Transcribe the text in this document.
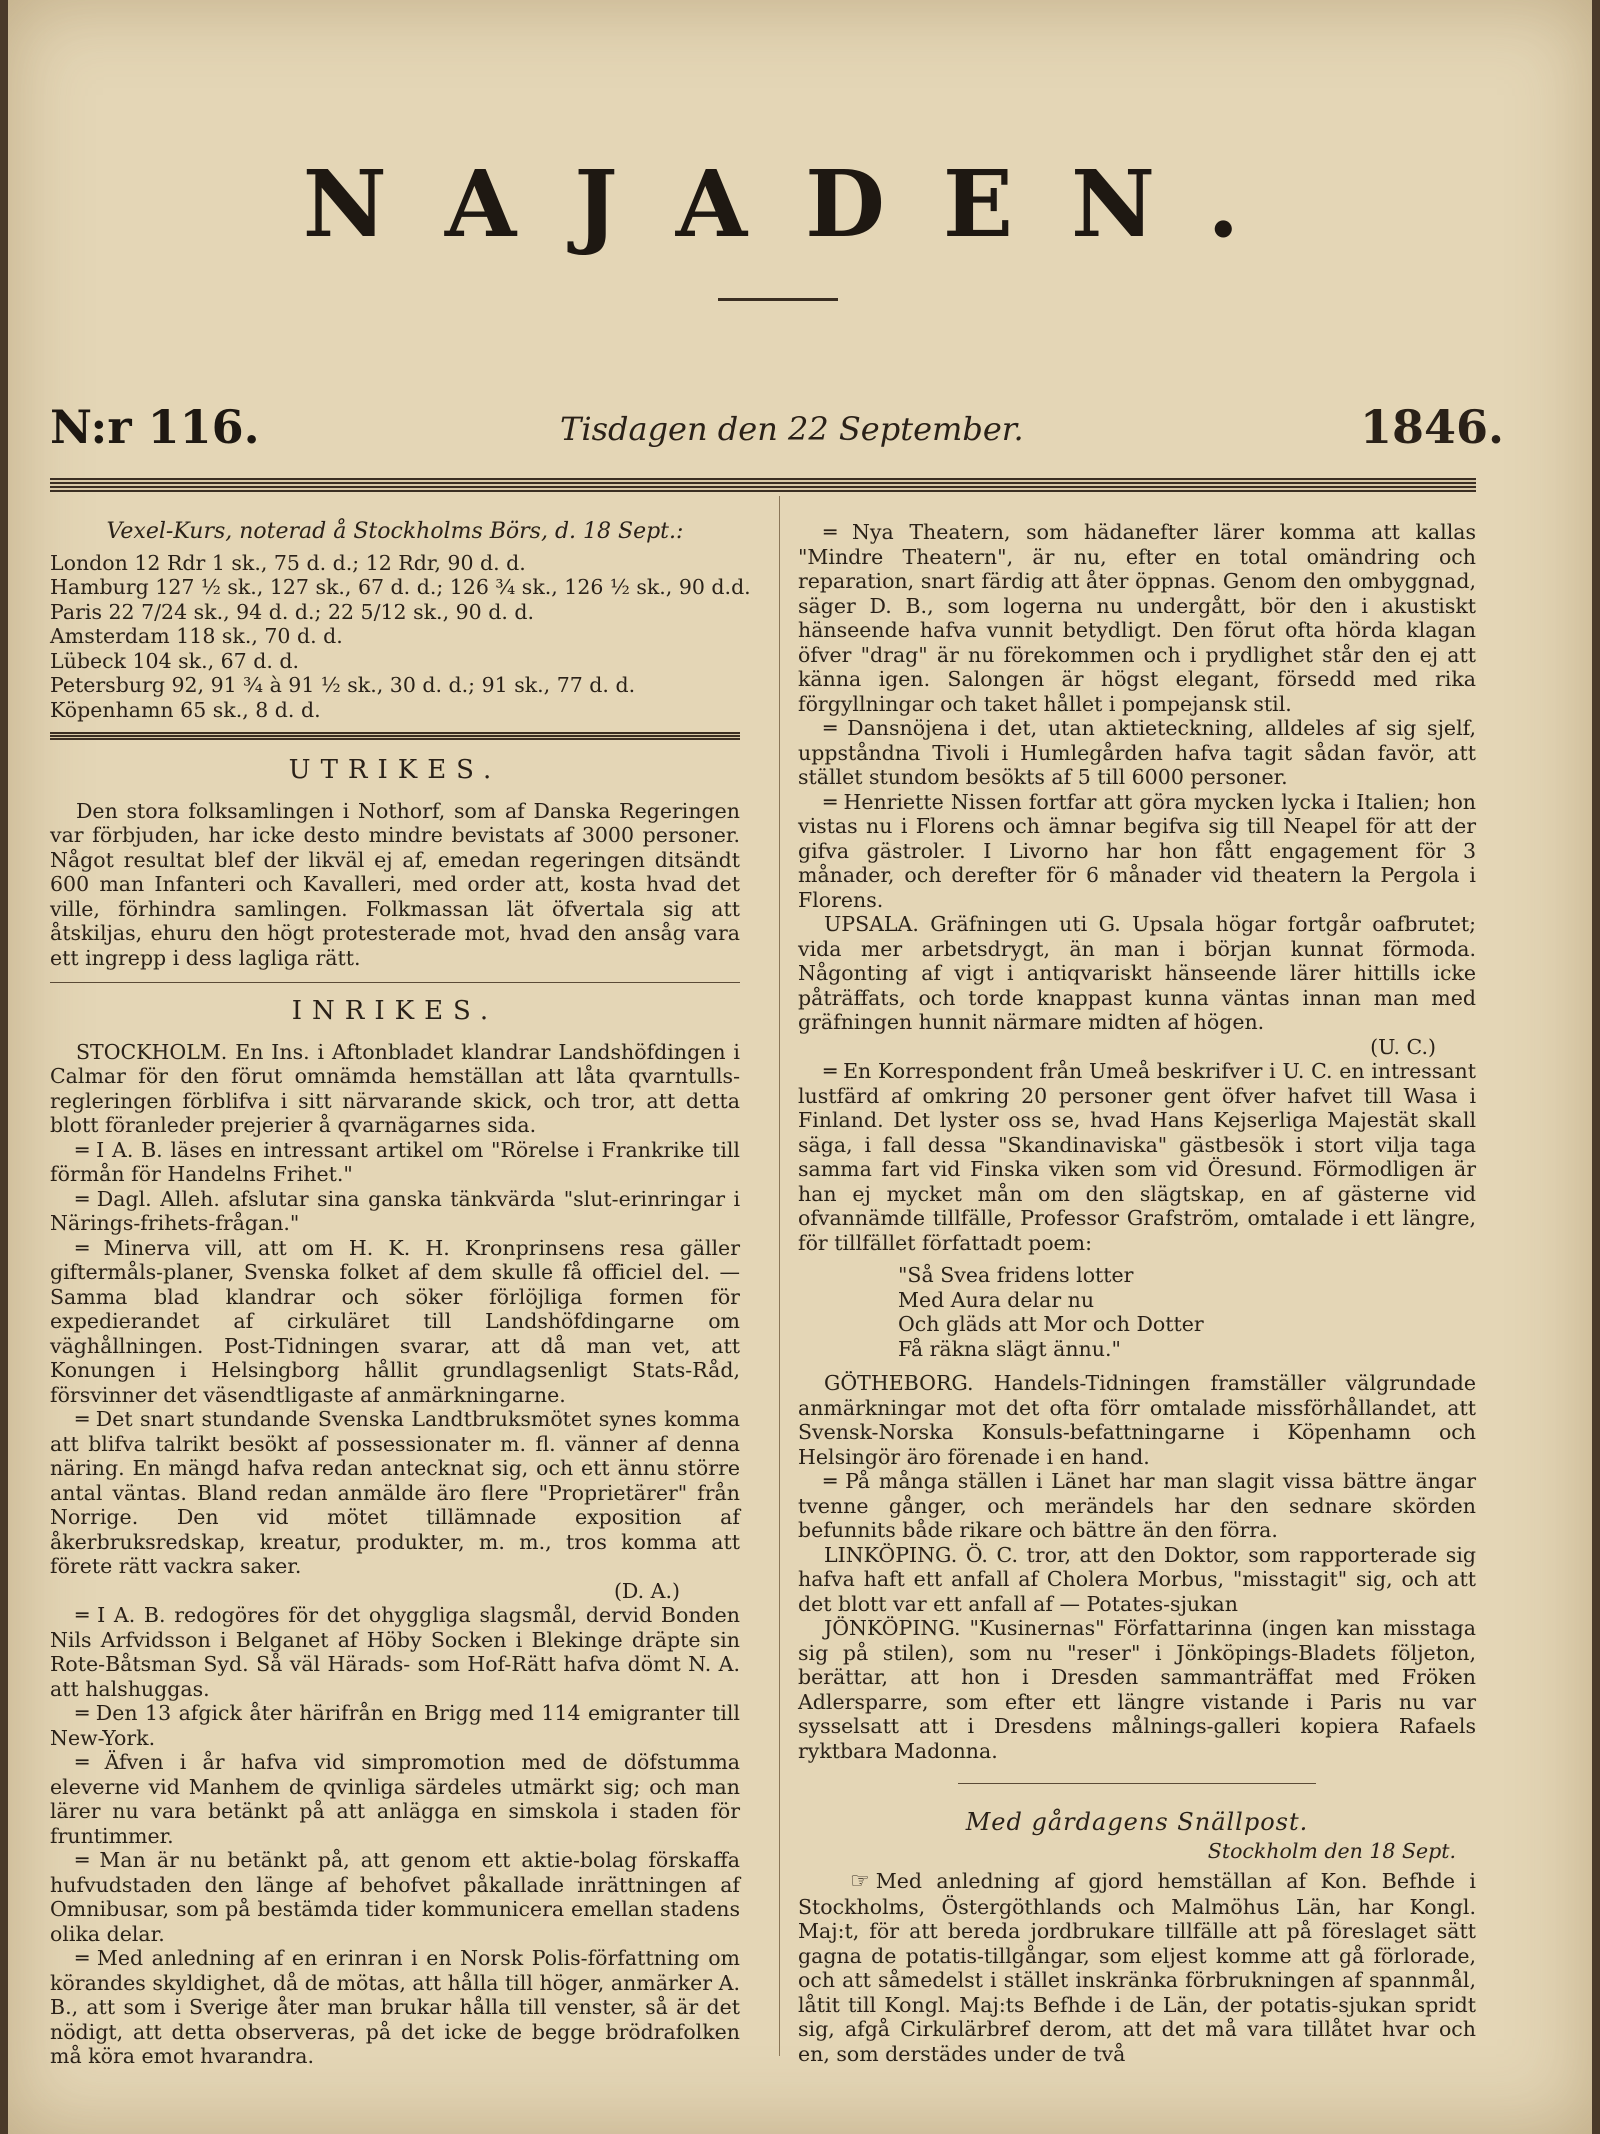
NAJADEN.
N:r 116.	Tisdagen den 22 September.	1846.
Vexel-Kurs, noterad å Stockholms Börs, d. 18 Sept.:
London 12 Rdr 1 sk., 75 d. d.; 12 Rdr, 90 d. d.
Hamburg 127 ½ sk., 127 sk., 67 d. d.; 126 ¾ sk., 126 ½ sk., 90 d.d.
Paris 22 7/24 sk., 94 d. d.; 22 5/12 sk., 90 d. d.
Amsterdam 118 sk., 70 d. d.
Lübeck 104 sk., 67 d. d.
Petersburg 92, 91 ¾ à 91 ½ sk., 30 d. d.; 91 sk., 77 d. d.
Köpenhamn 65 sk., 8 d. d.
UTRIKES.

Den stora folksamlingen i Nothorf, som af Danska Regeringen var förbjuden, har icke desto mindre bevistats af 3000 personer. Något resultat blef der likväl ej af, emedan regeringen ditsändt 600 man Infanteri och Kavalleri, med order att, kosta hvad det ville, förhindra samlingen. Folkmassan lät öfvertala sig att åtskiljas, ehuru den högt protesterade mot, hvad den ansåg vara ett ingrepp i dess lagliga rätt.

INRIKES.

STOCKHOLM. En Ins. i Aftonbladet klandrar Landshöfdingen i Calmar för den förut omnämda hemställan att låta qvarntulls-regleringen förblifva i sitt närvarande skick, och tror, att detta blott föranleder prejerier å qvarnägarnes sida.

═ I A. B. läses en intressant artikel om "Rörelse i Frankrike till förmån för Handelns Frihet."

═ Dagl. Alleh. afslutar sina ganska tänkvärda "slut-erinringar i Närings-frihets-frågan."

═ Minerva vill, att om H. K. H. Kronprinsens resa gäller giftermåls-planer, Svenska folket af dem skulle få officiel del. — Samma blad klandrar och söker förlöjliga formen för expedierandet af cirkuläret till Landshöfdingarne om väghållningen. Post-Tidningen svarar, att då man vet, att Konungen i Helsingborg hållit grundlagsenligt Stats-Råd, försvinner det väsendtligaste af anmärkningarne.

═ Det snart stundande Svenska Landtbruksmötet synes komma att blifva talrikt besökt af possessionater m. fl. vänner af denna näring. En mängd hafva redan antecknat sig, och ett ännu större antal väntas. Bland redan anmälde äro flere "Proprietärer" från Norrige. Den vid mötet tillämnade exposition af åkerbruksredskap, kreatur, produkter, m. m., tros komma att förete rätt vackra saker.

(D. A.)

═ I A. B. redogöres för det ohyggliga slagsmål, dervid Bonden Nils Arfvidsson i Belganet af Höby Socken i Blekinge dräpte sin Rote-Båtsman Syd. Så väl Härads- som Hof-Rätt hafva dömt N. A. att halshuggas.

═ Den 13 afgick åter härifrån en Brigg med 114 emigranter till New-York.

═ Äfven i år hafva vid simpromotion med de döfstumma eleverne vid Manhem de qvinliga särdeles utmärkt sig; och man lärer nu vara betänkt på att anlägga en simskola i staden för fruntimmer.

═ Man är nu betänkt på, att genom ett aktie-bolag förskaffa hufvudstaden den länge af behofvet påkallade inrättningen af Omnibusar, som på bestämda tider kommunicera emellan stadens olika delar.

═ Med anledning af en erinran i en Norsk Polis-författning om körandes skyldighet, då de mötas, att hålla till höger, anmärker A. B., att som i Sverige åter man brukar hålla till venster, så är det nödigt, att detta observeras, på det icke de begge brödrafolken må köra emot hvarandra.

═ Nya Theatern, som hädanefter lärer komma att kallas "Mindre Theatern", är nu, efter en total omändring och reparation, snart färdig att åter öppnas. Genom den ombyggnad, säger D. B., som logerna nu undergått, bör den i akustiskt hänseende hafva vunnit betydligt. Den förut ofta hörda klagan öfver "drag" är nu förekommen och i prydlighet står den ej att känna igen. Salongen är högst elegant, försedd med rika förgyllningar och taket hållet i pompejansk stil.

═ Dansnöjena i det, utan aktieteckning, alldeles af sig sjelf, uppståndna Tivoli i Humlegården hafva tagit sådan favör, att stället stundom besökts af 5 till 6000 personer.

═ Henriette Nissen fortfar att göra mycken lycka i Italien; hon vistas nu i Florens och ämnar begifva sig till Neapel för att der gifva gästroler. I Livorno har hon fått engagement för 3 månader, och derefter för 6 månader vid theatern la Pergola i Florens.

UPSALA. Gräfningen uti G. Upsala högar fortgår oafbrutet; vida mer arbetsdrygt, än man i början kunnat förmoda. Någonting af vigt i antiqvariskt hänseende lärer hittills icke påträffats, och torde knappast kunna väntas innan man med gräfningen hunnit närmare midten af högen.

(U. C.)

═ En Korrespondent från Umeå beskrifver i U. C. en intressant lustfärd af omkring 20 personer gent öfver hafvet till Wasa i Finland. Det lyster oss se, hvad Hans Kejserliga Majestät skall säga, i fall dessa "Skandinaviska" gästbesök i stort vilja taga samma fart vid Finska viken som vid Öresund. Förmodligen är han ej mycket mån om den slägtskap, en af gästerne vid ofvannämde tillfälle, Professor Grafström, omtalade i ett längre, för tillfället författadt poem:

"Så Svea fridens lotter
Med Aura delar nu
Och gläds att Mor och Dotter
Få räkna slägt ännu."

GÖTHEBORG. Handels-Tidningen framställer välgrundade anmärkningar mot det ofta förr omtalade missförhållandet, att Svensk-Norska Konsuls-befattningarne i Köpenhamn och Helsingör äro förenade i en hand.

═ På många ställen i Länet har man slagit vissa bättre ängar tvenne gånger, och merändels har den sednare skörden befunnits både rikare och bättre än den förra.

LINKÖPING. Ö. C. tror, att den Doktor, som rapporterade sig hafva haft ett anfall af Cholera Morbus, "misstagit" sig, och att det blott var ett anfall af — Potates-sjukan

JÖNKÖPING. "Kusinernas" Författarinna (ingen kan misstaga sig på stilen), som nu "reser" i Jönköpings-Bladets följeton, berättar, att hon i Dresden sammanträffat med Fröken Adlersparre, som efter ett längre vistande i Paris nu var sysselsatt att i Dresdens målnings-galleri kopiera Rafaels ryktbara Madonna.

Med gårdagens Snällpost.
Stockholm den 18 Sept.

☞ Med anledning af gjord hemställan af Kon. Befhde i Stockholms, Östergöthlands och Malmöhus Län, har Kongl. Maj:t, för att bereda jordbrukare tillfälle att på föreslaget sätt gagna de potatis-tillgångar, som eljest komme att gå förlorade, och att såmedelst i stället inskränka förbrukningen af spannmål, låtit till Kongl. Maj:ts Befhde i de Län, der potatis-sjukan spridt sig, afgå Cirkulärbref derom, att det må vara tillåtet hvar och en, som derstädes under de två
